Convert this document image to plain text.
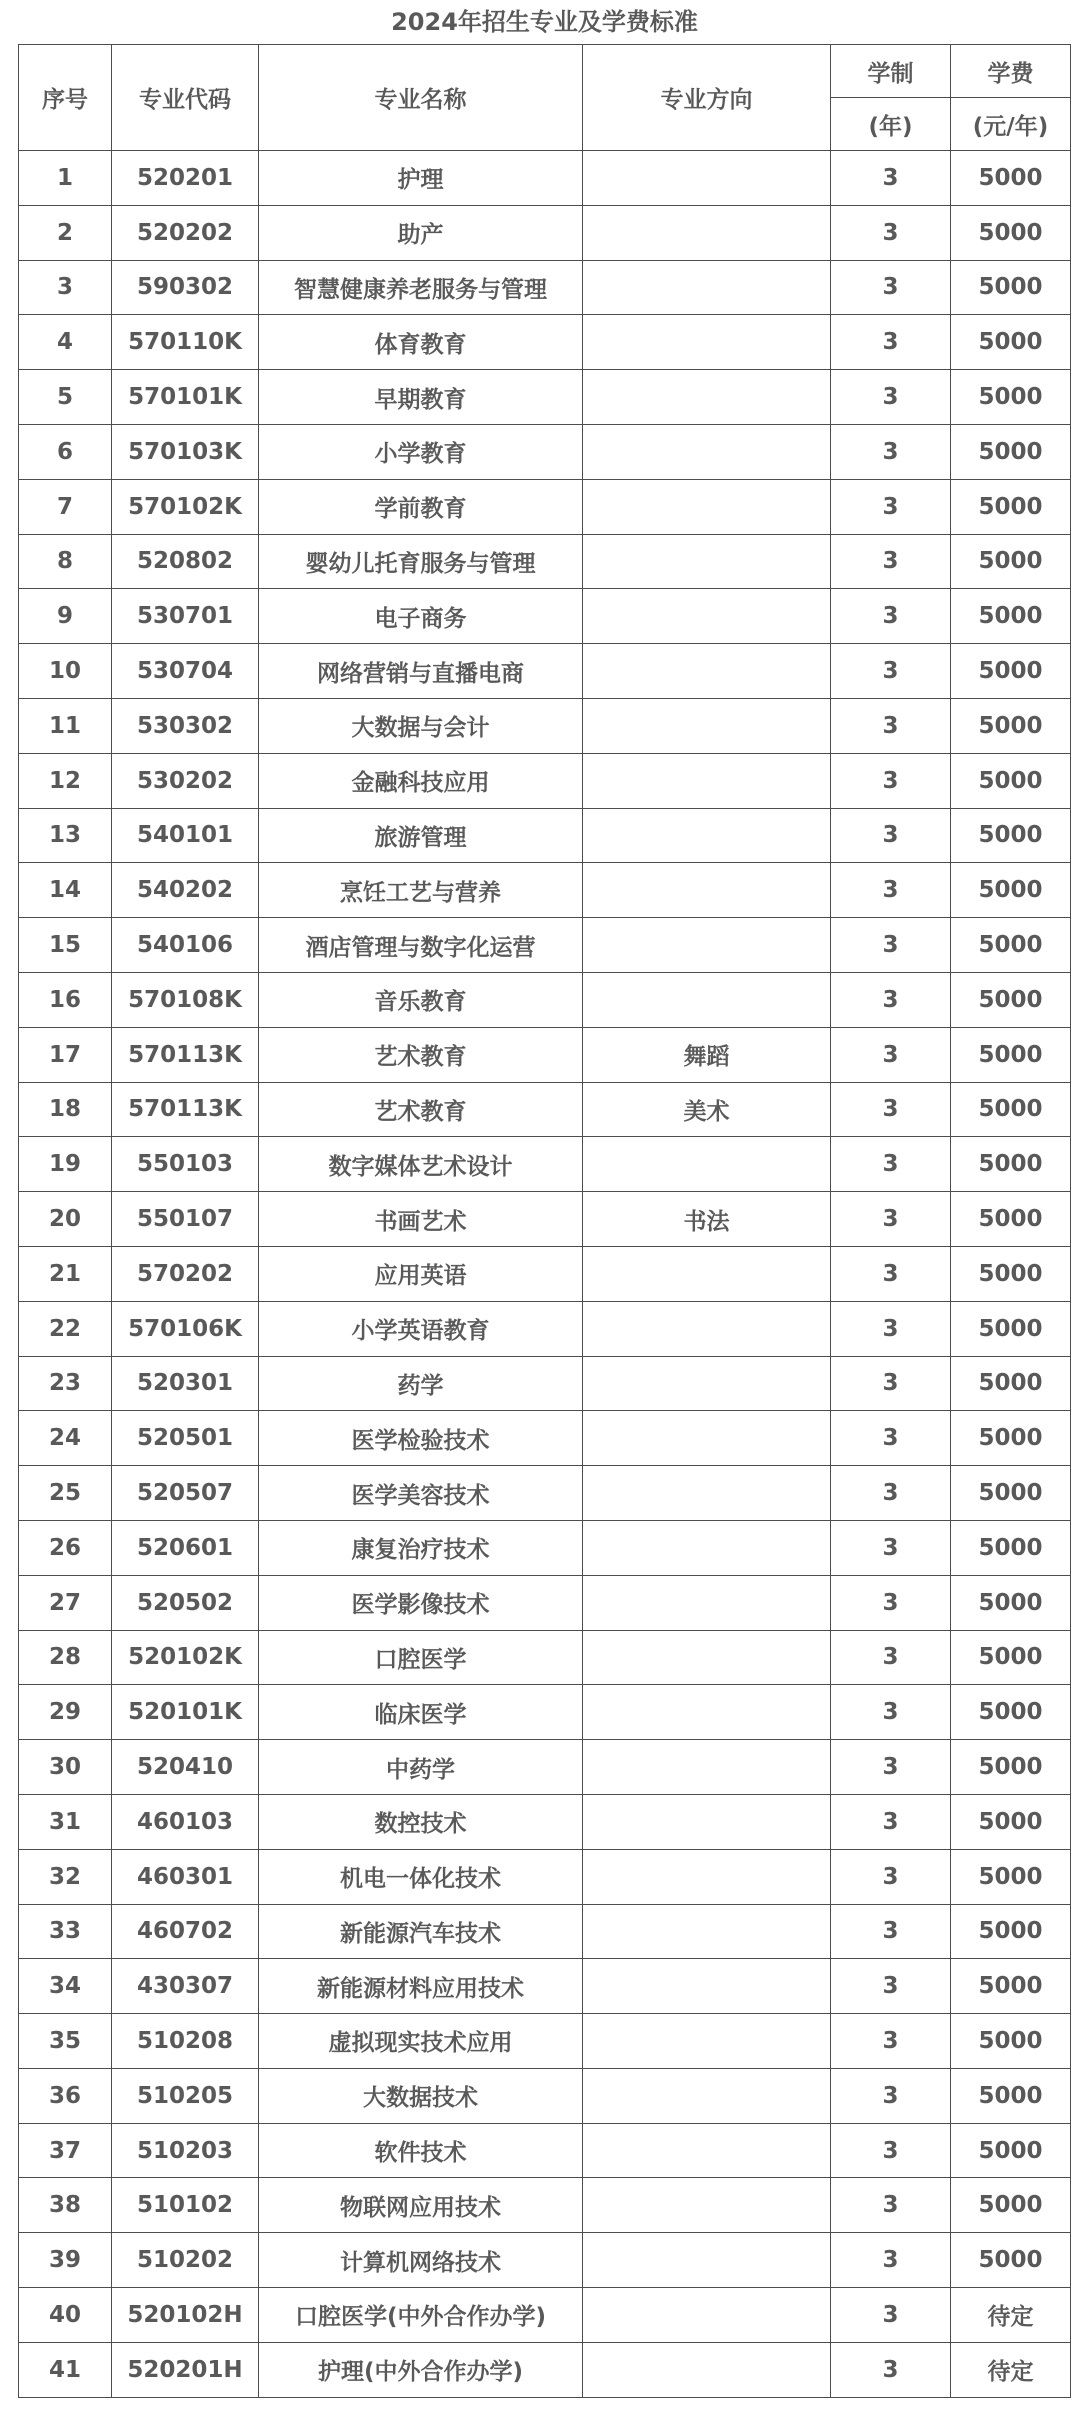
2024年招生专业及学费标准
序号	专业代码	专业名称	专业方向	学制	学费
				(年)	(元/年)
1	520201	护理		3	5000
2	520202	助产		3	5000
3	590302	智慧健康养老服务与管理		3	5000
4	570110K	体育教育		3	5000
5	570101K	早期教育		3	5000
6	570103K	小学教育		3	5000
7	570102K	学前教育		3	5000
8	520802	婴幼儿托育服务与管理		3	5000
9	530701	电子商务		3	5000
10	530704	网络营销与直播电商		3	5000
11	530302	大数据与会计		3	5000
12	530202	金融科技应用		3	5000
13	540101	旅游管理		3	5000
14	540202	烹饪工艺与营养		3	5000
15	540106	酒店管理与数字化运营		3	5000
16	570108K	音乐教育		3	5000
17	570113K	艺术教育	舞蹈	3	5000
18	570113K	艺术教育	美术	3	5000
19	550103	数字媒体艺术设计		3	5000
20	550107	书画艺术	书法	3	5000
21	570202	应用英语		3	5000
22	570106K	小学英语教育		3	5000
23	520301	药学		3	5000
24	520501	医学检验技术		3	5000
25	520507	医学美容技术		3	5000
26	520601	康复治疗技术		3	5000
27	520502	医学影像技术		3	5000
28	520102K	口腔医学		3	5000
29	520101K	临床医学		3	5000
30	520410	中药学		3	5000
31	460103	数控技术		3	5000
32	460301	机电一体化技术		3	5000
33	460702	新能源汽车技术		3	5000
34	430307	新能源材料应用技术		3	5000
35	510208	虚拟现实技术应用		3	5000
36	510205	大数据技术		3	5000
37	510203	软件技术		3	5000
38	510102	物联网应用技术		3	5000
39	510202	计算机网络技术		3	5000
40	520102H	口腔医学(中外合作办学)		3	待定
41	520201H	护理(中外合作办学)		3	待定
